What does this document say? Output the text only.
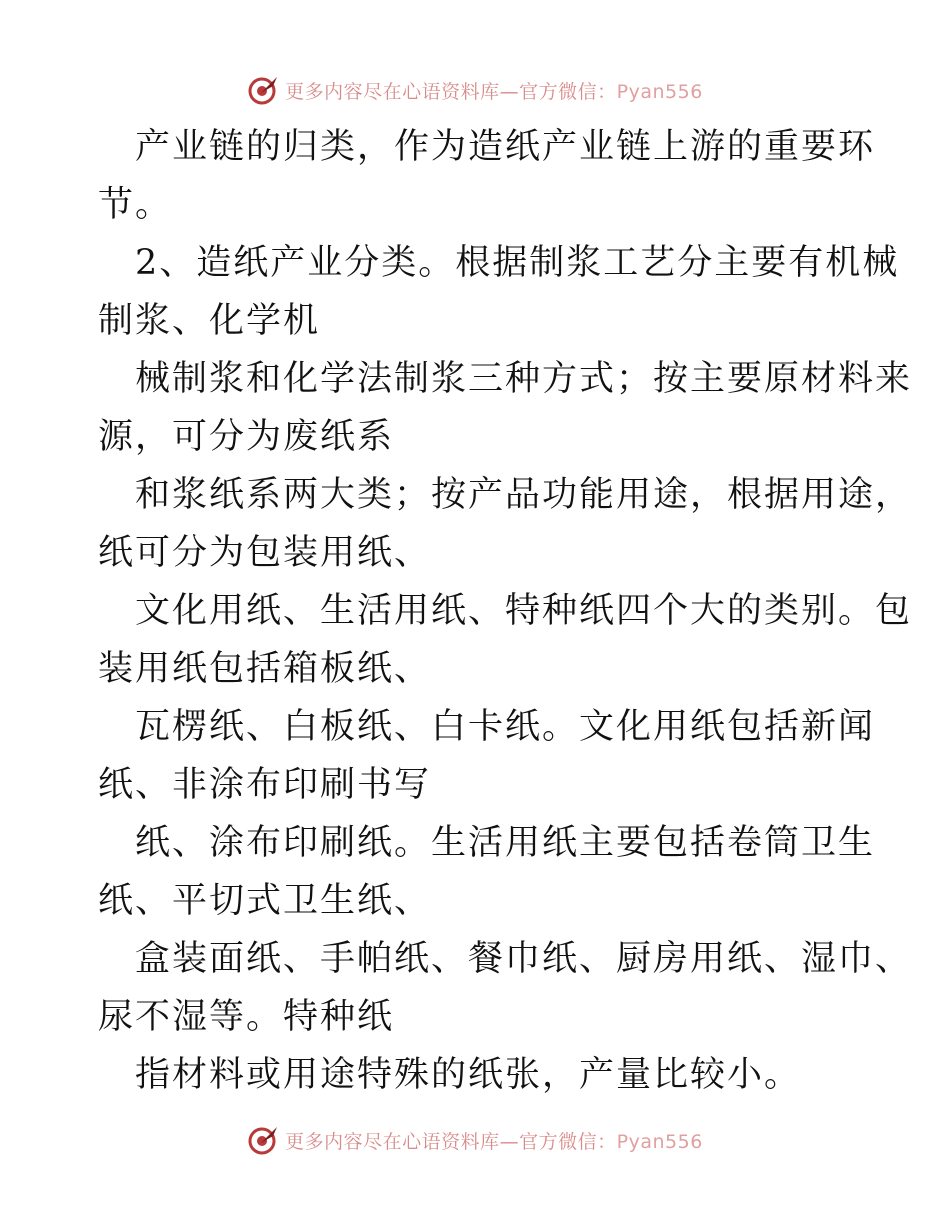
更多内容尽在心语资料库—官方微信：Pyan556
产业链的归类，作为造纸产业链上游的重要环
节。
2、造纸产业分类。根据制浆工艺分主要有机械
制浆、化学机
械制浆和化学法制浆三种方式；按主要原材料来
源，可分为废纸系
和浆纸系两大类；按产品功能用途，根据用途，
纸可分为包装用纸、
文化用纸、生活用纸、特种纸四个大的类别。包
装用纸包括箱板纸、
瓦楞纸、白板纸、白卡纸。文化用纸包括新闻
纸、非涂布印刷书写
纸、涂布印刷纸。生活用纸主要包括卷筒卫生
纸、平切式卫生纸、
盒装面纸、手帕纸、餐巾纸、厨房用纸、湿巾、
尿不湿等。特种纸
指材料或用途特殊的纸张，产量比较小。
更多内容尽在心语资料库—官方微信：Pyan556
